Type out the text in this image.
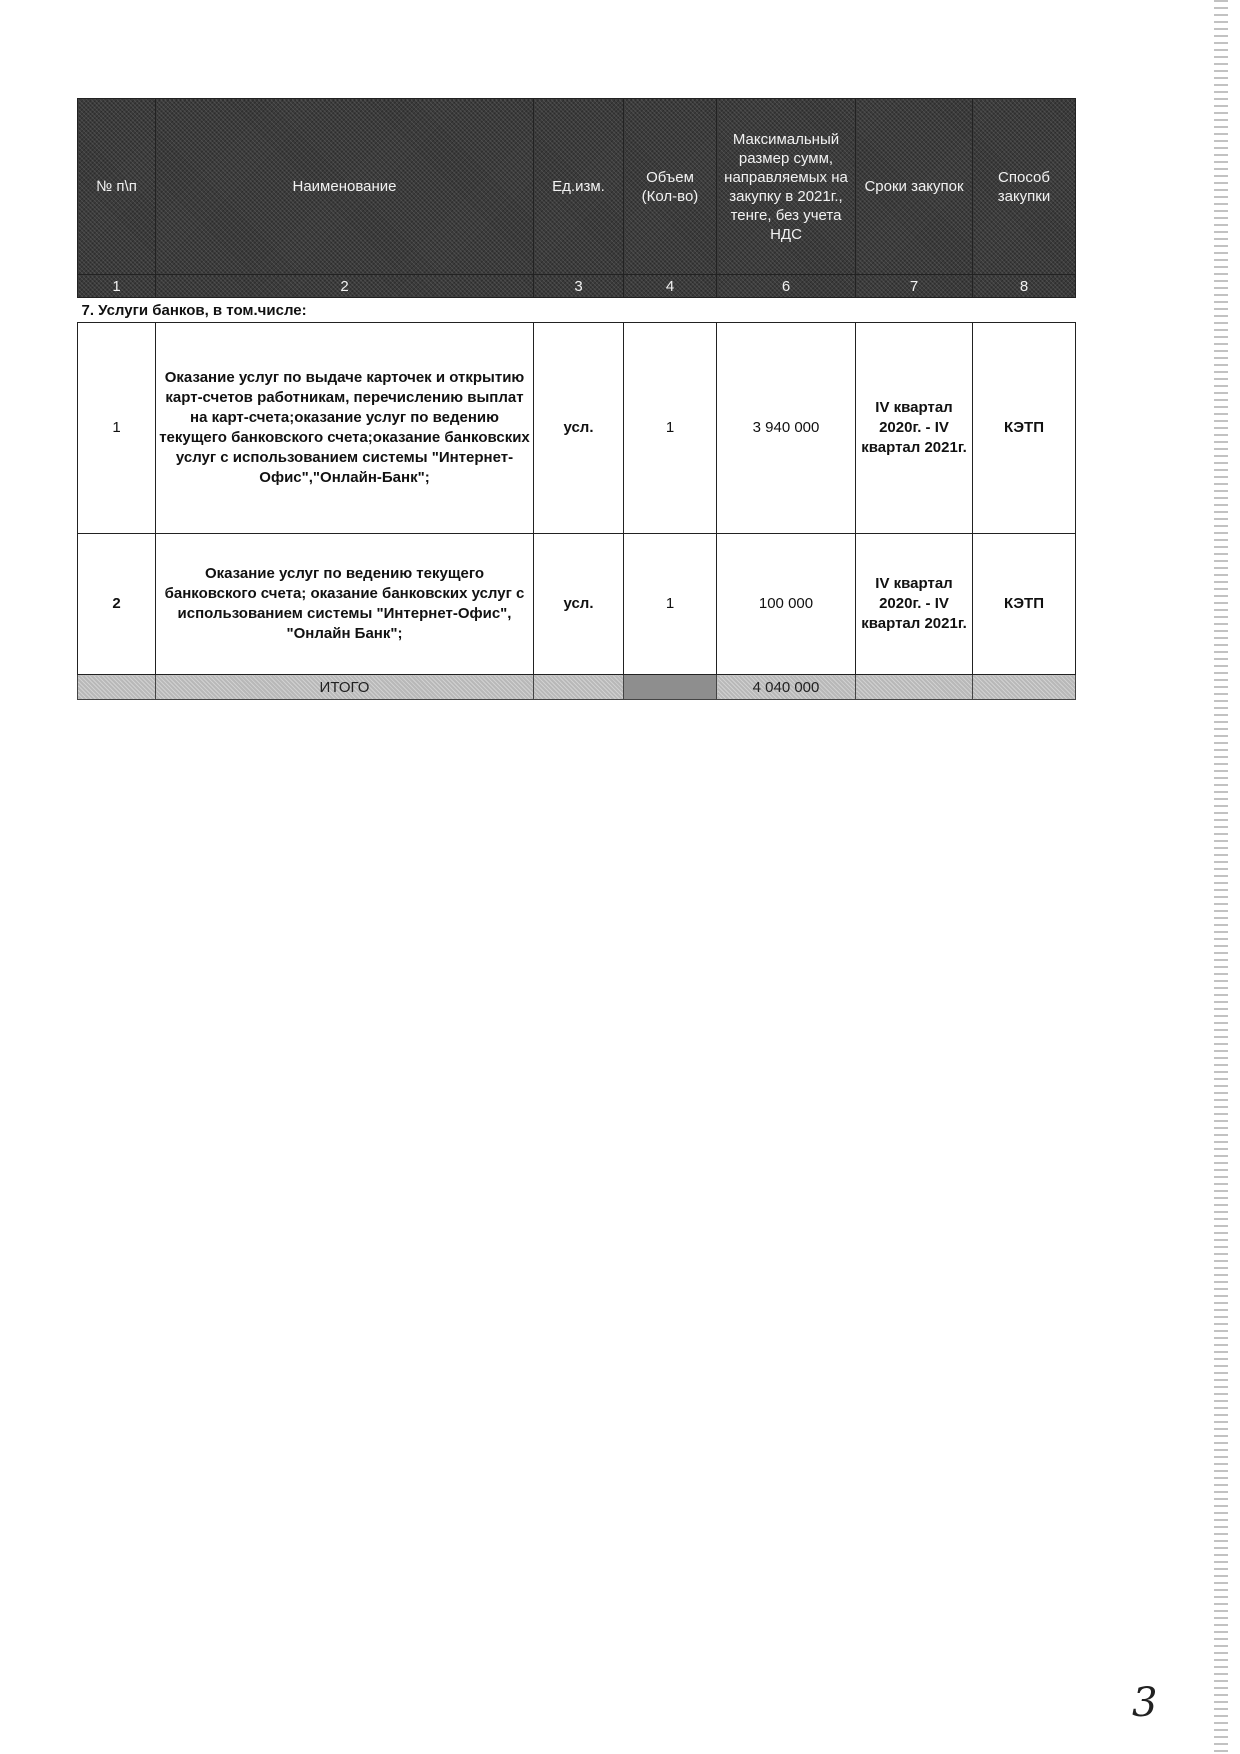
№ п\п	Наименование	Ед.изм.	Объем (Кол-во)	Максимальный размер сумм, направляемых на закупку в 2021г., тенге, без учета НДС	Сроки закупок	Способ закупки
1	2	3	4	6	7	8
7. Услуги банков, в том.числе:						
1	Оказание услуг по выдаче карточек и открытию карт-счетов работникам, перечислению выплат на карт-счета;оказание услуг по ведению текущего банковского счета;оказание банковских услуг с использованием системы "Интернет-Офис","Онлайн-Банк";	усл.	1	3 940 000	IV квартал 2020г. - IV квартал 2021г.	КЭТП
2	Оказание услуг по ведению текущего банковского счета; оказание банковских услуг с использованием системы "Интернет-Офис", "Онлайн Банк";	усл.	1	100 000	IV квартал 2020г. - IV квартал 2021г.	КЭТП
	ИТОГО			4 040 000		
3
